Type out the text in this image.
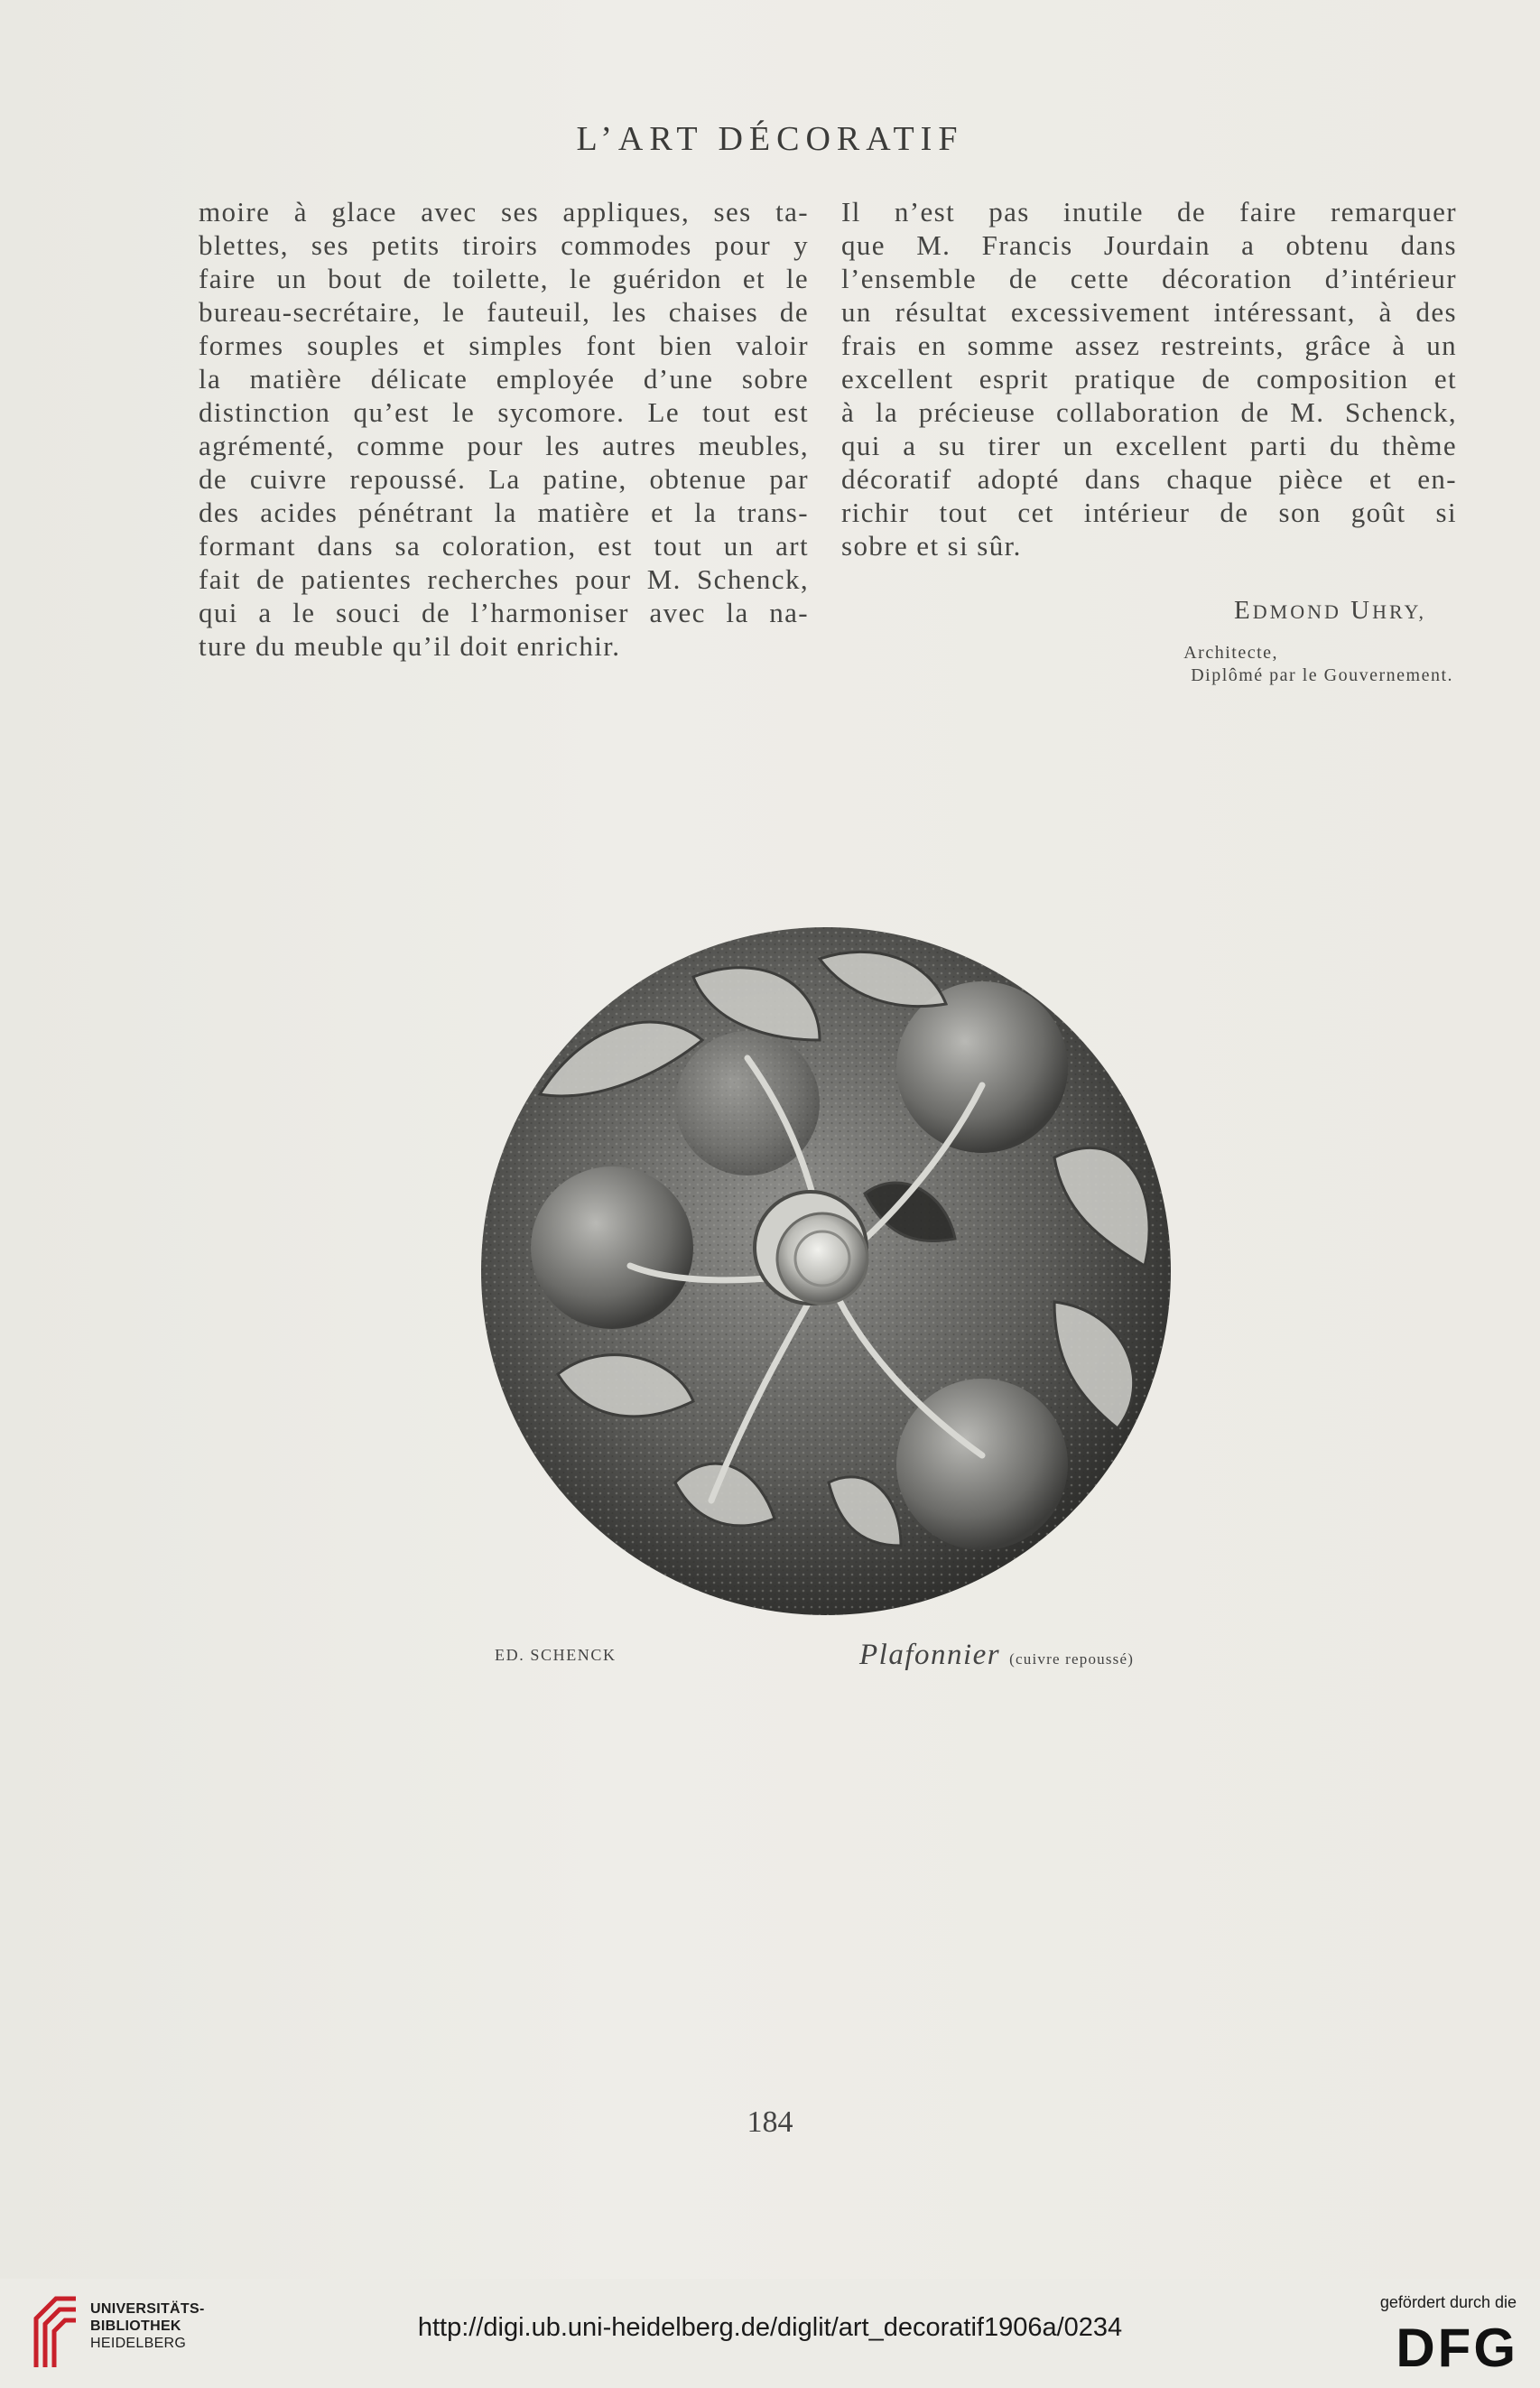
L’ART DÉCORATIF
moire à glace avec ses appliques, ses ta-
blettes, ses petits tiroirs commodes pour y
faire un bout de toilette, le guéridon et le
bureau-secrétaire, le fauteuil, les chaises de
formes souples et simples font bien valoir
la matière délicate employée d’une sobre
distinction qu’est le sycomore. Le tout est
agrémenté, comme pour les autres meubles,
de cuivre repoussé. La patine, obtenue par
des acides pénétrant la matière et la trans-
formant dans sa coloration, est tout un art
fait de patientes recherches pour M. Schenck,
qui a le souci de l’harmoniser avec la na-
ture du meuble qu’il doit enrichir.
Il n’est pas inutile de faire remarquer
que M. Francis Jourdain a obtenu dans
l’ensemble de cette décoration d’intérieur
un résultat excessivement intéressant, à des
frais en somme assez restreints, grâce à un
excellent esprit pratique de composition et
à la précieuse collaboration de M. Schenck,
qui a su tirer un excellent parti du thème
décoratif adopté dans chaque pièce et en-
richir tout cet intérieur de son goût si
sobre et si sûr.
EDMOND UHRY,
Architecte,
Diplômé par le Gouvernement.
ED. SCHENCK	Plafonnier (cuivre repoussé)
184
UNIVERSITÄTS-
BIBLIOTHEK
HEIDELBERG
http://digi.ub.uni-heidelberg.de/diglit/art_decoratif1906a/0234
gefördert durch die
DFG
